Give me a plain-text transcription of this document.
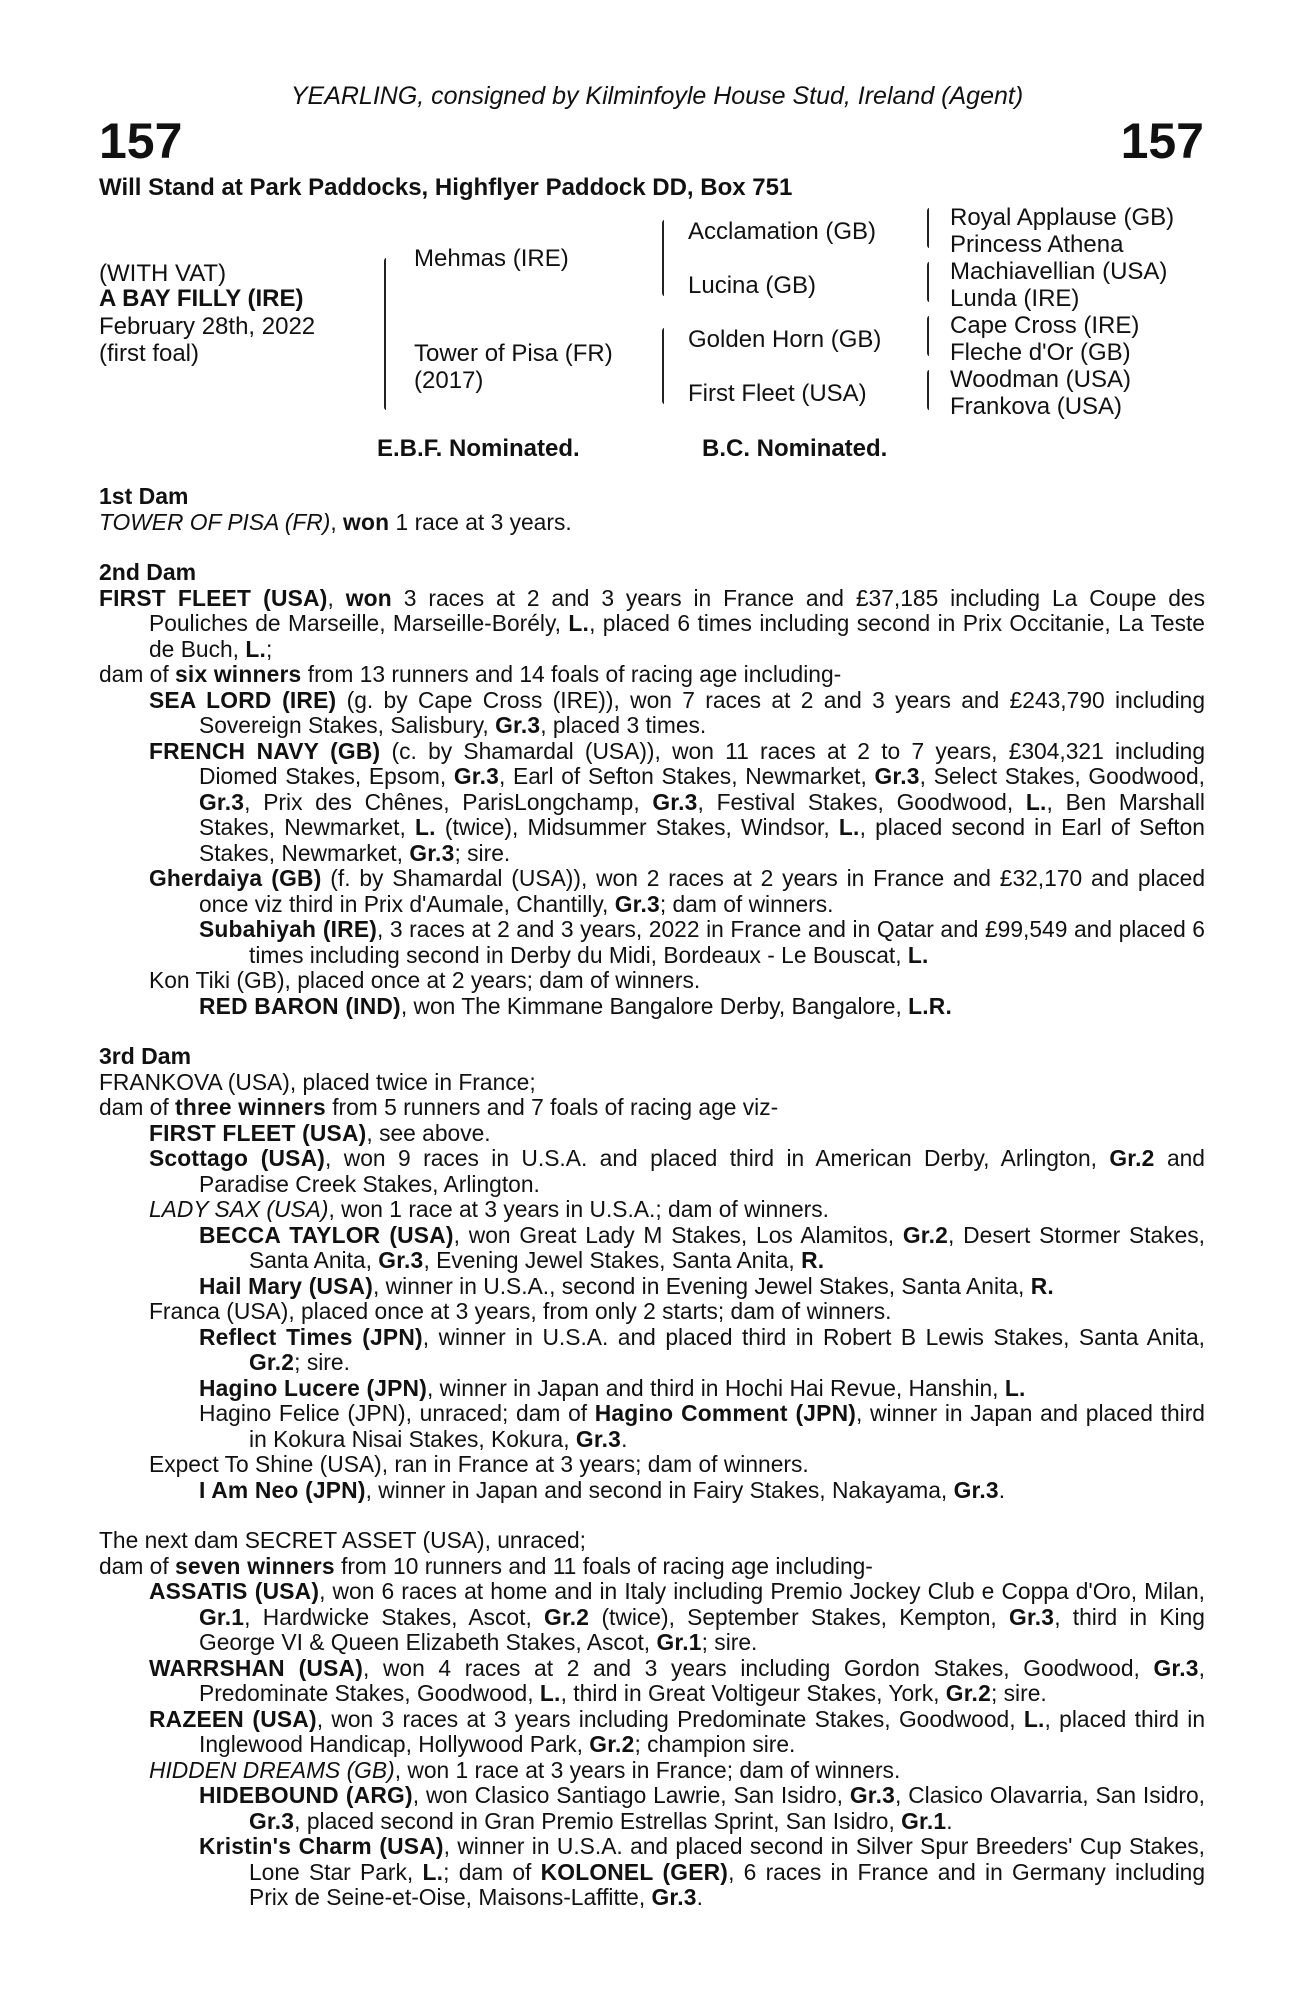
YEARLING, consigned by Kilminfoyle House Stud, Ireland (Agent)
157	157
Will Stand at Park Paddocks, Highflyer Paddock DD, Box 751
(WITH VAT)
A BAY FILLY (IRE)
February 28th, 2022
(first foal)
Mehmas (IRE)
Tower of Pisa (FR)
(2017)
Acclamation (GB)
Lucina (GB)
Golden Horn (GB)
First Fleet (USA)
Royal Applause (GB)
Princess Athena
Machiavellian (USA)
Lunda (IRE)
Cape Cross (IRE)
Fleche d'Or (GB)
Woodman (USA)
Frankova (USA)
E.B.F. Nominated.	B.C. Nominated.

1st Dam

TOWER OF PISA (FR), won 1 race at 3 years.

2nd Dam

FIRST FLEET (USA), won 3 races at 2 and 3 years in France and £37,185 including La Coupe des Pouliches de Marseille, Marseille-Borély, L., placed 6 times including second in Prix Occitanie, La Teste de Buch, L.;

dam of six winners from 13 runners and 14 foals of racing age including-

SEA LORD (IRE) (g. by Cape Cross (IRE)), won 7 races at 2 and 3 years and £243,790 including Sovereign Stakes, Salisbury, Gr.3, placed 3 times.

FRENCH NAVY (GB) (c. by Shamardal (USA)), won 11 races at 2 to 7 years, £304,321 including Diomed Stakes, Epsom, Gr.3, Earl of Sefton Stakes, Newmarket, Gr.3, Select Stakes, Goodwood, Gr.3, Prix des Chênes, ParisLongchamp, Gr.3, Festival Stakes, Goodwood, L., Ben Marshall Stakes, Newmarket, L. (twice), Midsummer Stakes, Windsor, L., placed second in Earl of Sefton Stakes, Newmarket, Gr.3; sire.

Gherdaiya (GB) (f. by Shamardal (USA)), won 2 races at 2 years in France and £32,170 and placed once viz third in Prix d'Aumale, Chantilly, Gr.3; dam of winners.

Subahiyah (IRE), 3 races at 2 and 3 years, 2022 in France and in Qatar and £99,549 and placed 6 times including second in Derby du Midi, Bordeaux - Le Bouscat, L.

Kon Tiki (GB), placed once at 2 years; dam of winners.

RED BARON (IND), won The Kimmane Bangalore Derby, Bangalore, L.R.

3rd Dam

FRANKOVA (USA), placed twice in France;

dam of three winners from 5 runners and 7 foals of racing age viz-

FIRST FLEET (USA), see above.

Scottago (USA), won 9 races in U.S.A. and placed third in American Derby, Arlington, Gr.2 and Paradise Creek Stakes, Arlington.

LADY SAX (USA), won 1 race at 3 years in U.S.A.; dam of winners.

BECCA TAYLOR (USA), won Great Lady M Stakes, Los Alamitos, Gr.2, Desert Stormer Stakes, Santa Anita, Gr.3, Evening Jewel Stakes, Santa Anita, R.

Hail Mary (USA), winner in U.S.A., second in Evening Jewel Stakes, Santa Anita, R.

Franca (USA), placed once at 3 years, from only 2 starts; dam of winners.

Reflect Times (JPN), winner in U.S.A. and placed third in Robert B Lewis Stakes, Santa Anita, Gr.2; sire.

Hagino Lucere (JPN), winner in Japan and third in Hochi Hai Revue, Hanshin, L.

Hagino Felice (JPN), unraced; dam of Hagino Comment (JPN), winner in Japan and placed third in Kokura Nisai Stakes, Kokura, Gr.3.

Expect To Shine (USA), ran in France at 3 years; dam of winners.

I Am Neo (JPN), winner in Japan and second in Fairy Stakes, Nakayama, Gr.3.

The next dam SECRET ASSET (USA), unraced;

dam of seven winners from 10 runners and 11 foals of racing age including-

ASSATIS (USA), won 6 races at home and in Italy including Premio Jockey Club e Coppa d'Oro, Milan, Gr.1, Hardwicke Stakes, Ascot, Gr.2 (twice), September Stakes, Kempton, Gr.3, third in King George VI & Queen Elizabeth Stakes, Ascot, Gr.1; sire.

WARRSHAN (USA), won 4 races at 2 and 3 years including Gordon Stakes, Goodwood, Gr.3, Predominate Stakes, Goodwood, L., third in Great Voltigeur Stakes, York, Gr.2; sire.

RAZEEN (USA), won 3 races at 3 years including Predominate Stakes, Goodwood, L., placed third in Inglewood Handicap, Hollywood Park, Gr.2; champion sire.

HIDDEN DREAMS (GB), won 1 race at 3 years in France; dam of winners.

HIDEBOUND (ARG), won Clasico Santiago Lawrie, San Isidro, Gr.3, Clasico Olavarria, San Isidro, Gr.3, placed second in Gran Premio Estrellas Sprint, San Isidro, Gr.1.

Kristin's Charm (USA), winner in U.S.A. and placed second in Silver Spur Breeders' Cup Stakes, Lone Star Park, L.; dam of KOLONEL (GER), 6 races in France and in Germany including Prix de Seine-et-Oise, Maisons-Laffitte, Gr.3.
